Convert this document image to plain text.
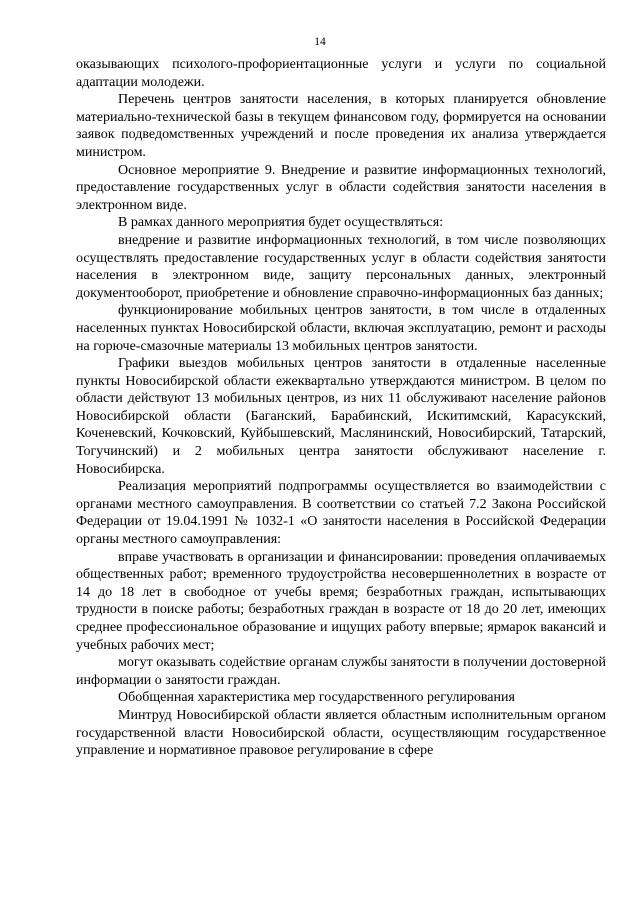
14

оказывающих психолого-профориентационные услуги и услуги по социальной адаптации молодежи.

Перечень центров занятости населения, в которых планируется обновление материально-технической базы в текущем финансовом году, формируется на основании заявок подведомственных учреждений и после проведения их анализа утверждается министром.

Основное мероприятие 9. Внедрение и развитие информационных технологий, предоставление государственных услуг в области содействия занятости населения в электронном виде.

В рамках данного мероприятия будет осуществляться:

внедрение и развитие информационных технологий, в том числе позволяющих осуществлять предоставление государственных услуг в области содействия занятости населения в электронном виде, защиту персональных данных, электронный документооборот, приобретение и обновление справочно-информационных баз данных;

функционирование мобильных центров занятости, в том числе в отдаленных населенных пунктах Новосибирской области, включая эксплуатацию, ремонт и расходы на горюче-смазочные материалы 13 мобильных центров занятости.

Графики выездов мобильных центров занятости в отдаленные населенные пункты Новосибирской области ежеквартально утверждаются министром. В целом по области действуют 13 мобильных центров, из них 11 обслуживают население районов Новосибирской области (Баганский, Барабинский, Искитимский, Карасукский, Коченевский, Кочковский, Куйбышевский, Маслянинский, Новосибирский, Татарский, Тогучинский) и 2 мобильных центра занятости обслуживают население г. Новосибирска.

Реализация мероприятий подпрограммы осуществляется во взаимодействии с органами местного самоуправления. В соответствии со статьей 7.2 Закона Российской Федерации от 19.04.1991 № 1032-1 «О занятости населения в Российской Федерации органы местного самоуправления:

вправе участвовать в организации и финансировании: проведения оплачиваемых общественных работ; временного трудоустройства несовершеннолетних в возрасте от 14 до 18 лет в свободное от учебы время; безработных граждан, испытывающих трудности в поиске работы; безработных граждан в возрасте от 18 до 20 лет, имеющих среднее профессиональное образование и ищущих работу впервые; ярмарок вакансий и учебных рабочих мест;

могут оказывать содействие органам службы занятости в получении достоверной информации о занятости граждан.

Обобщенная характеристика мер государственного регулирования

Минтруд Новосибирской области является областным исполнительным органом государственной власти Новосибирской области, осуществляющим государственное управление и нормативное правовое регулирование в сфере
